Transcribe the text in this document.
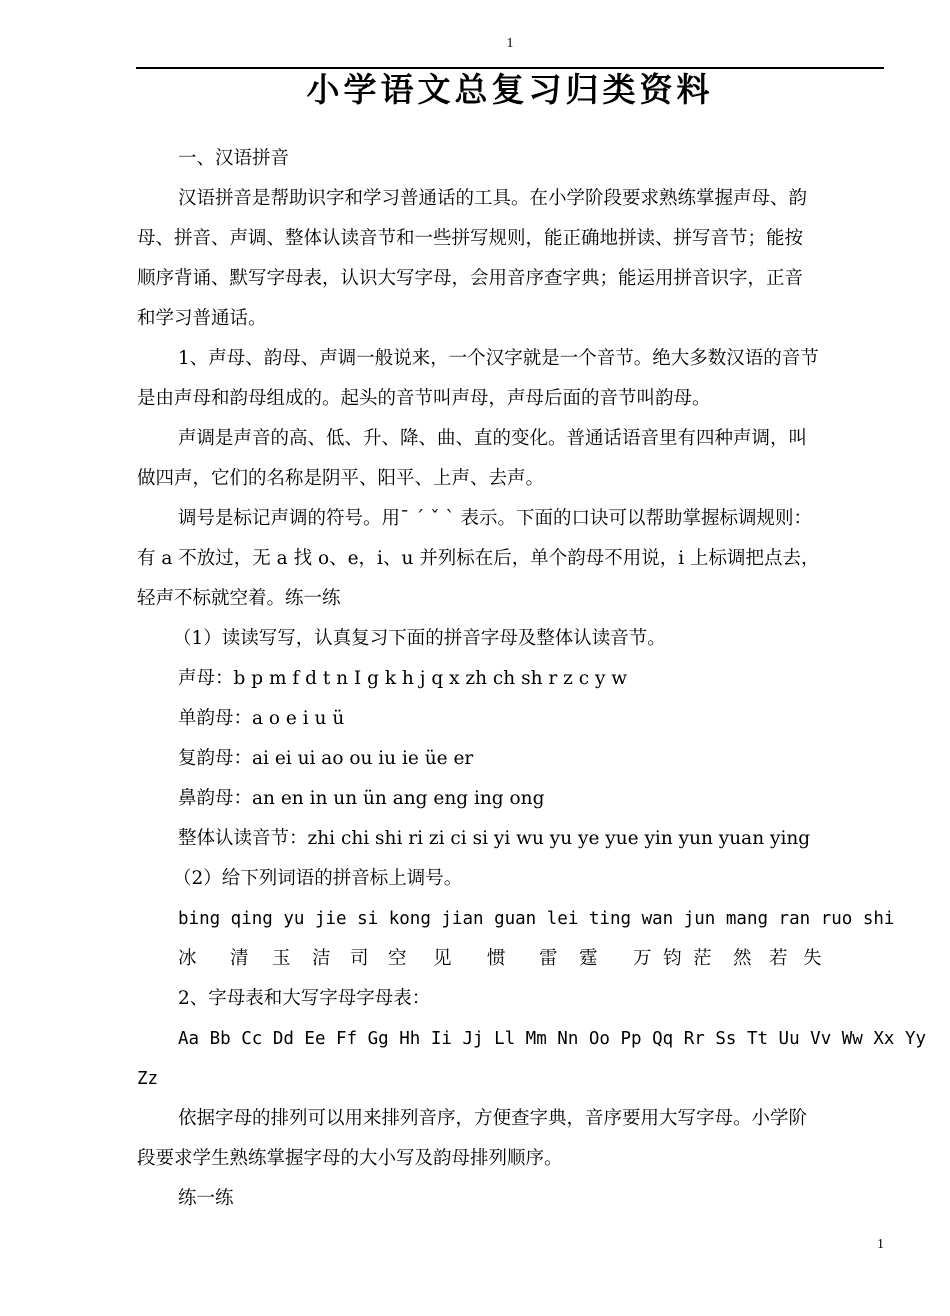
1
小学语文总复习归类资料
一、汉语拼音
汉语拼音是帮助识字和学习普通话的工具。在小学阶段要求熟练掌握声母、韵
母、拼音、声调、整体认读音节和一些拼写规则，能正确地拼读、拼写音节；能按
顺序背诵、默写字母表，认识大写字母，会用音序查字典；能运用拼音识字，正音
和学习普通话。
1、声母、韵母、声调一般说来，一个汉字就是一个音节。绝大多数汉语的音节
是由声母和韵母组成的。起头的音节叫声母，声母后面的音节叫韵母。
声调是声音的高、低、升、降、曲、直的变化。普通话语音里有四种声调，叫
做四声，它们的名称是阴平、阳平、上声、去声。
调号是标记声调的符号。用ˉ ˊ ˇ ˋ 表示。下面的口诀可以帮助掌握标调规则：
有 a 不放过，无 a 找 o、e，i、u 并列标在后，单个韵母不用说，i 上标调把点去，
轻声不标就空着。练一练
（1）读读写写，认真复习下面的拼音字母及整体认读音节。
声母：b p m f d t n I g k h j q x zh ch sh r z c y w
单韵母：a o e i u ü
复韵母：ai ei ui ao ou iu ie üe er
鼻韵母：an en in un ün ang eng ing ong
整体认读音节：zhi chi shi ri zi ci si yi wu yu ye yue yin yun yuan ying
（2）给下列词语的拼音标上调号。
bing qing yu jie si kong jian guan lei ting wan jun mang ran ruo shi
冰	清	玉	洁	司	空	见	惯	雷	霆	万 钧 茫	然 若 失
2、字母表和大写字母字母表：
Aa Bb Cc Dd Ee Ff Gg Hh Ii Jj Ll Mm Nn Oo Pp Qq Rr Ss Tt Uu Vv Ww Xx Yy
Zz
依据字母的排列可以用来排列音序，方便查字典，音序要用大写字母。小学阶
段要求学生熟练掌握字母的大小写及韵母排列顺序。
练一练
1
